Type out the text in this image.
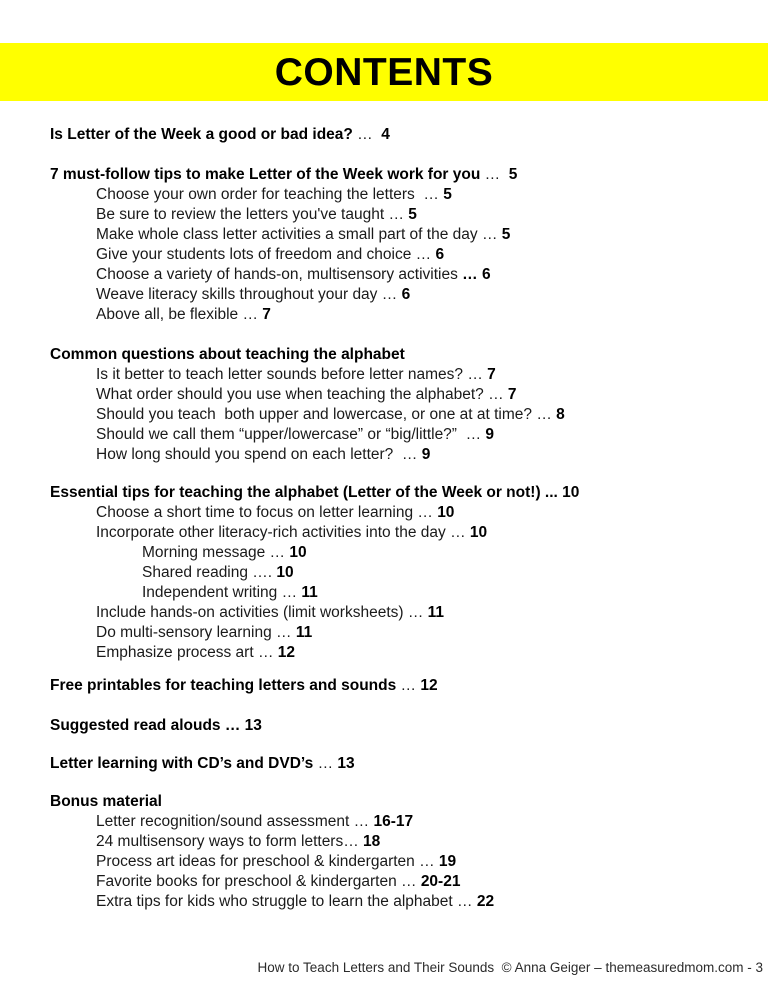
CONTENTS
Is Letter of the Week a good or bad idea? …  4
7 must-follow tips to make Letter of the Week work for you …  5
Choose your own order for teaching the letters  … 5
Be sure to review the letters you've taught … 5
Make whole class letter activities a small part of the day … 5
Give your students lots of freedom and choice … 6
Choose a variety of hands-on, multisensory activities … 6
Weave literacy skills throughout your day … 6
Above all, be flexible … 7
Common questions about teaching the alphabet
Is it better to teach letter sounds before letter names? … 7
What order should you use when teaching the alphabet? … 7
Should you teach  both upper and lowercase, or one at at time? … 8
Should we call them “upper/lowercase” or “big/little?”  … 9
How long should you spend on each letter?  … 9
Essential tips for teaching the alphabet (Letter of the Week or not!) ... 10
Choose a short time to focus on letter learning … 10
Incorporate other literacy-rich activities into the day … 10
Morning message … 10
Shared reading …. 10
Independent writing … 11
Include hands-on activities (limit worksheets) … 11
Do multi-sensory learning … 11
Emphasize process art … 12
Free printables for teaching letters and sounds … 12
Suggested read alouds … 13
Letter learning with CD’s and DVD’s … 13
Bonus material
Letter recognition/sound assessment … 16-17
24 multisensory ways to form letters… 18
Process art ideas for preschool & kindergarten … 19
Favorite books for preschool & kindergarten … 20-21
Extra tips for kids who struggle to learn the alphabet … 22
How to Teach Letters and Their Sounds  © Anna Geiger – themeasuredmom.com - 3
